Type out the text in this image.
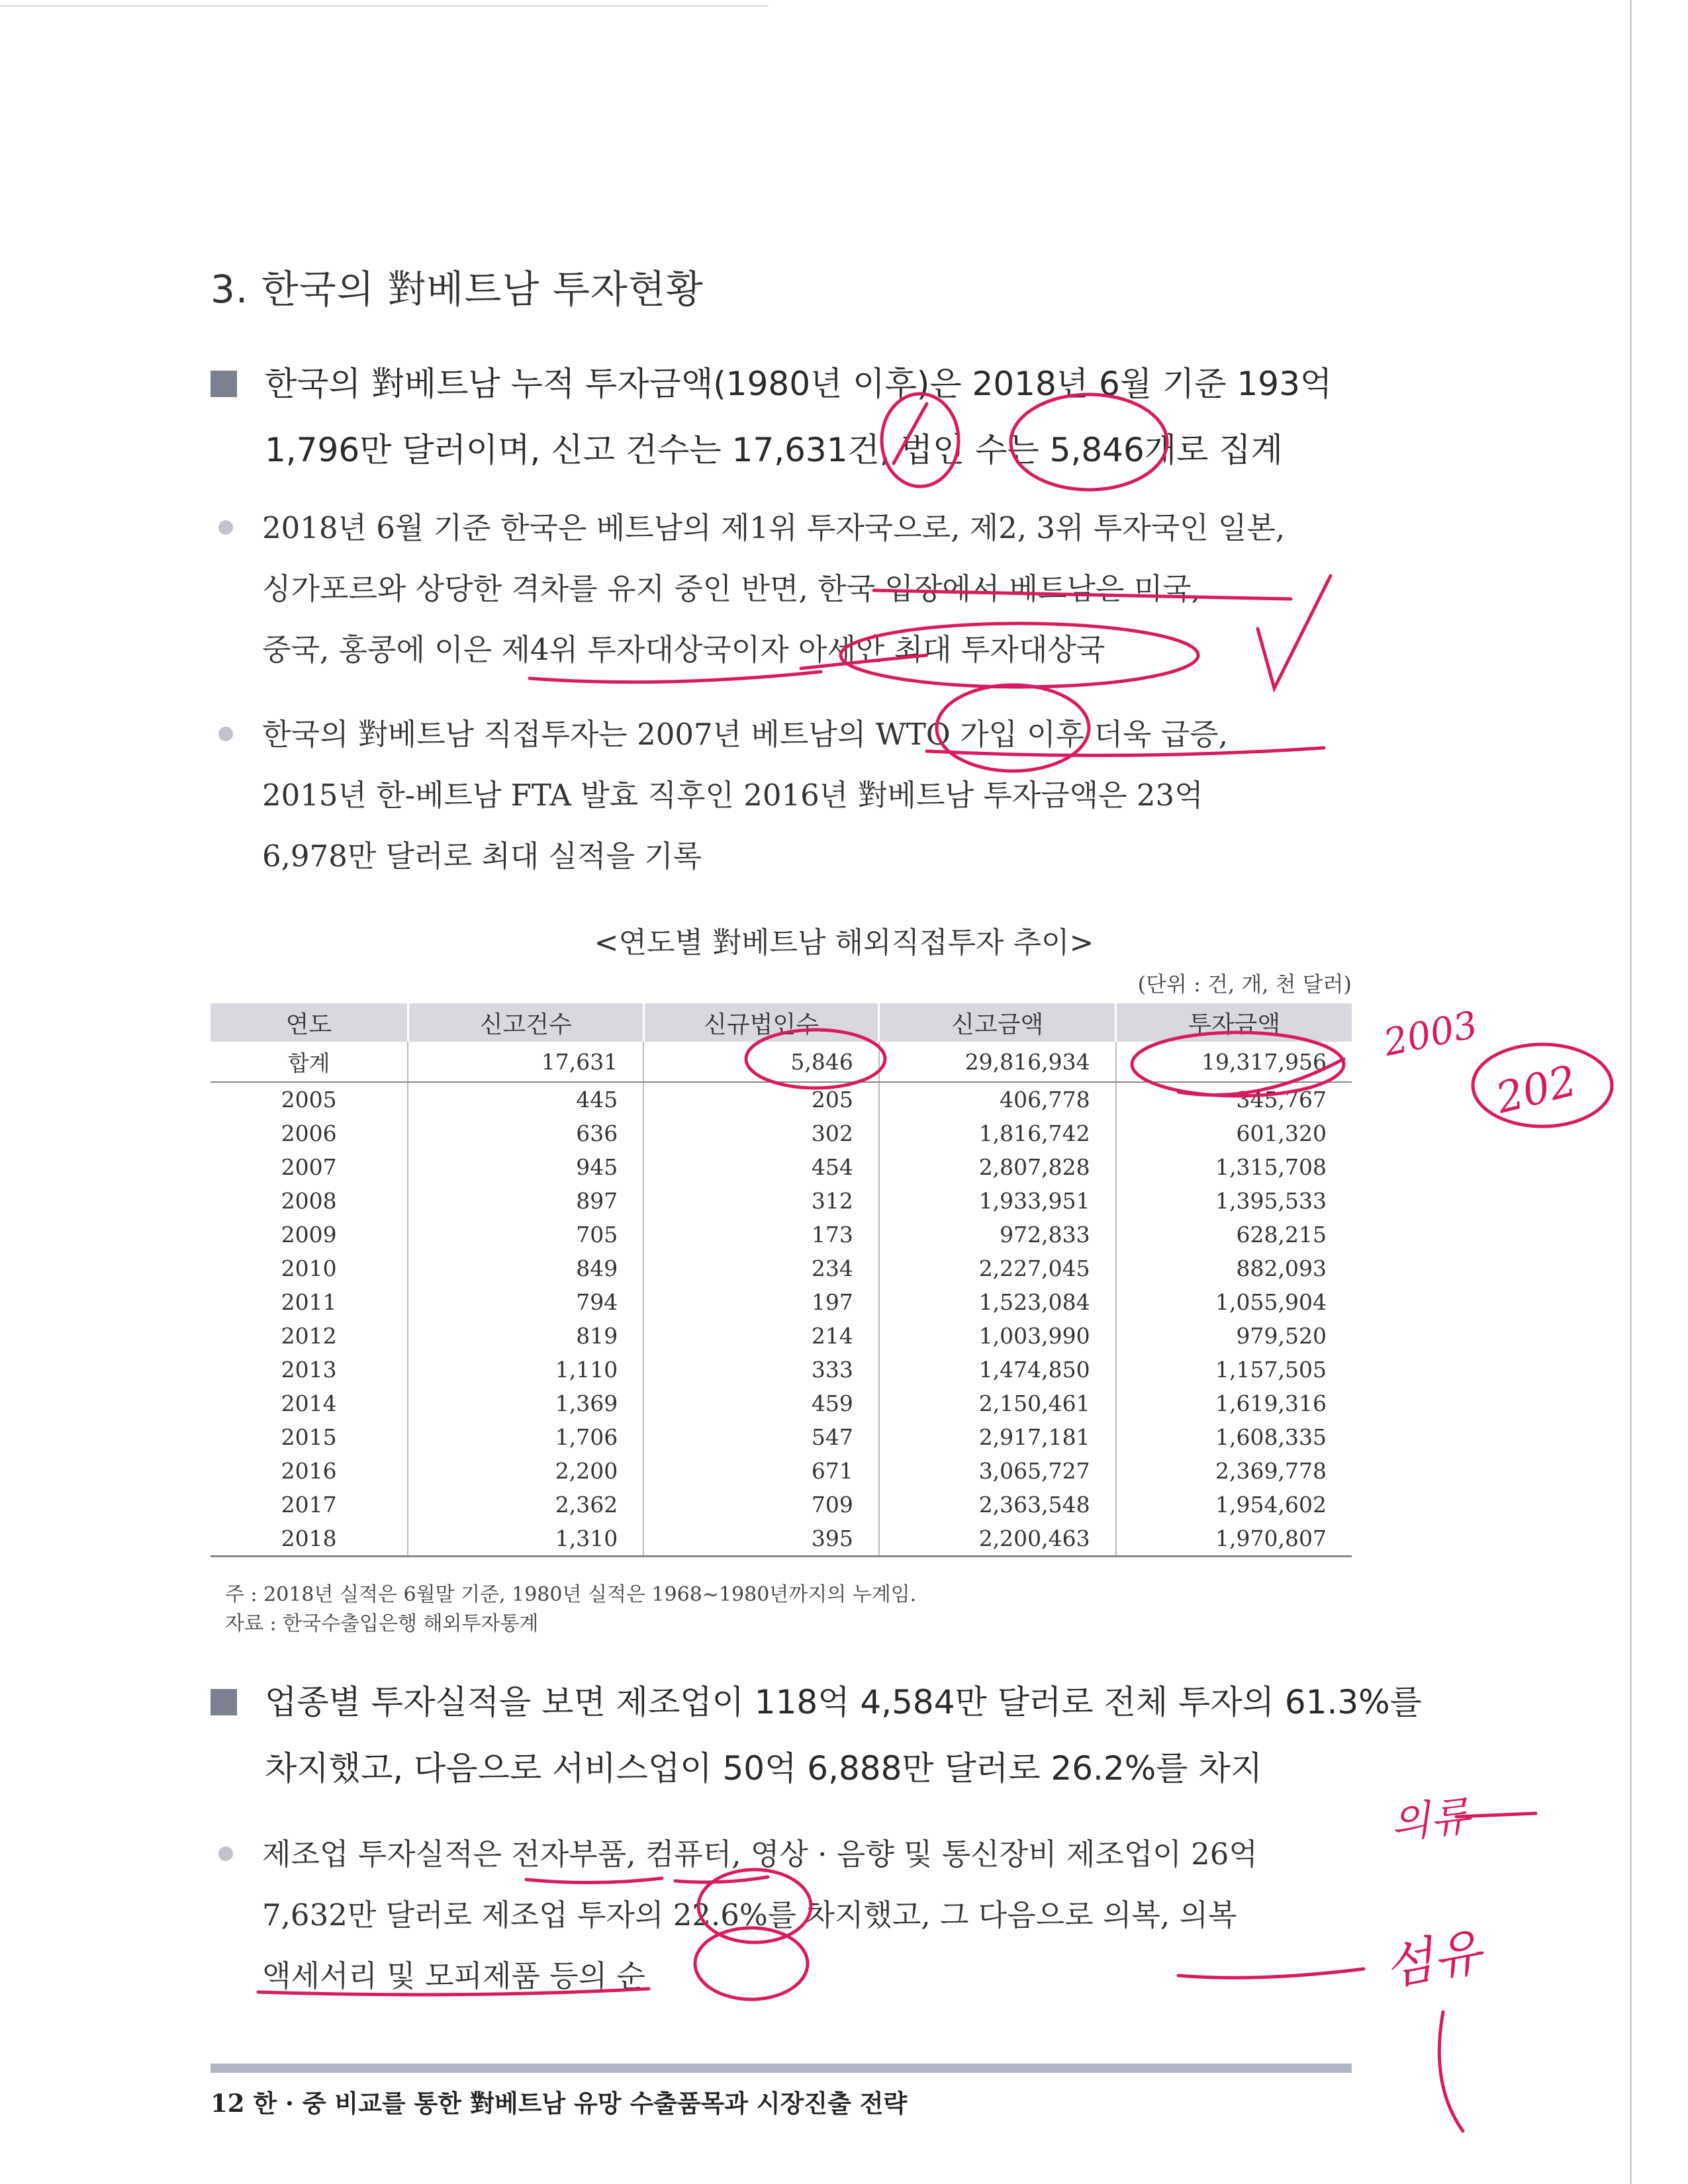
3. 한국의 對베트남 투자현황
한국의 對베트남 누적 투자금액(1980년 이후)은 2018년 6월 기준 193억
1,796만 달러이며, 신고 건수는 17,631건, 법인 수는 5,846개로 집계
2018년 6월 기준 한국은 베트남의 제1위 투자국으로, 제2, 3위 투자국인 일본,
싱가포르와 상당한 격차를 유지 중인 반면, 한국 입장에서 베트남은 미국,
중국, 홍콩에 이은 제4위 투자대상국이자 아세안 최대 투자대상국
한국의 對베트남 직접투자는 2007년 베트남의 WTO 가입 이후 더욱 급증,
2015년 한-베트남 FTA 발효 직후인 2016년 對베트남 투자금액은 23억
6,978만 달러로 최대 실적을 기록
<연도별 對베트남 해외직접투자 추이>
(단위 : 건, 개, 천 달러)
연도	신고건수	신규법인수	신고금액	투자금액
합계	17,631	5,846	29,816,934	19,317,956
2005	445	205	406,778	345,767
2006	636	302	1,816,742	601,320
2007	945	454	2,807,828	1,315,708
2008	897	312	1,933,951	1,395,533
2009	705	173	972,833	628,215
2010	849	234	2,227,045	882,093
2011	794	197	1,523,084	1,055,904
2012	819	214	1,003,990	979,520
2013	1,110	333	1,474,850	1,157,505
2014	1,369	459	2,150,461	1,619,316
2015	1,706	547	2,917,181	1,608,335
2016	2,200	671	3,065,727	2,369,778
2017	2,362	709	2,363,548	1,954,602
2018	1,310	395	2,200,463	1,970,807
주 : 2018년 실적은 6월말 기준, 1980년 실적은 1968~1980년까지의 누계임.
자료 : 한국수출입은행 해외투자통계
업종별 투자실적을 보면 제조업이 118억 4,584만 달러로 전체 투자의 61.3%를
차지했고, 다음으로 서비스업이 50억 6,888만 달러로 26.2%를 차지
제조업 투자실적은 전자부품, 컴퓨터, 영상 · 음향 및 통신장비 제조업이 26억
7,632만 달러로 제조업 투자의 22.6%를 차지했고, 그 다음으로 의복, 의복
액세서리 및 모피제품 등의 순
12 한 · 중 비교를 통한 對베트남 유망 수출품목과 시장진출 전략
2003
202
의류
섬유
